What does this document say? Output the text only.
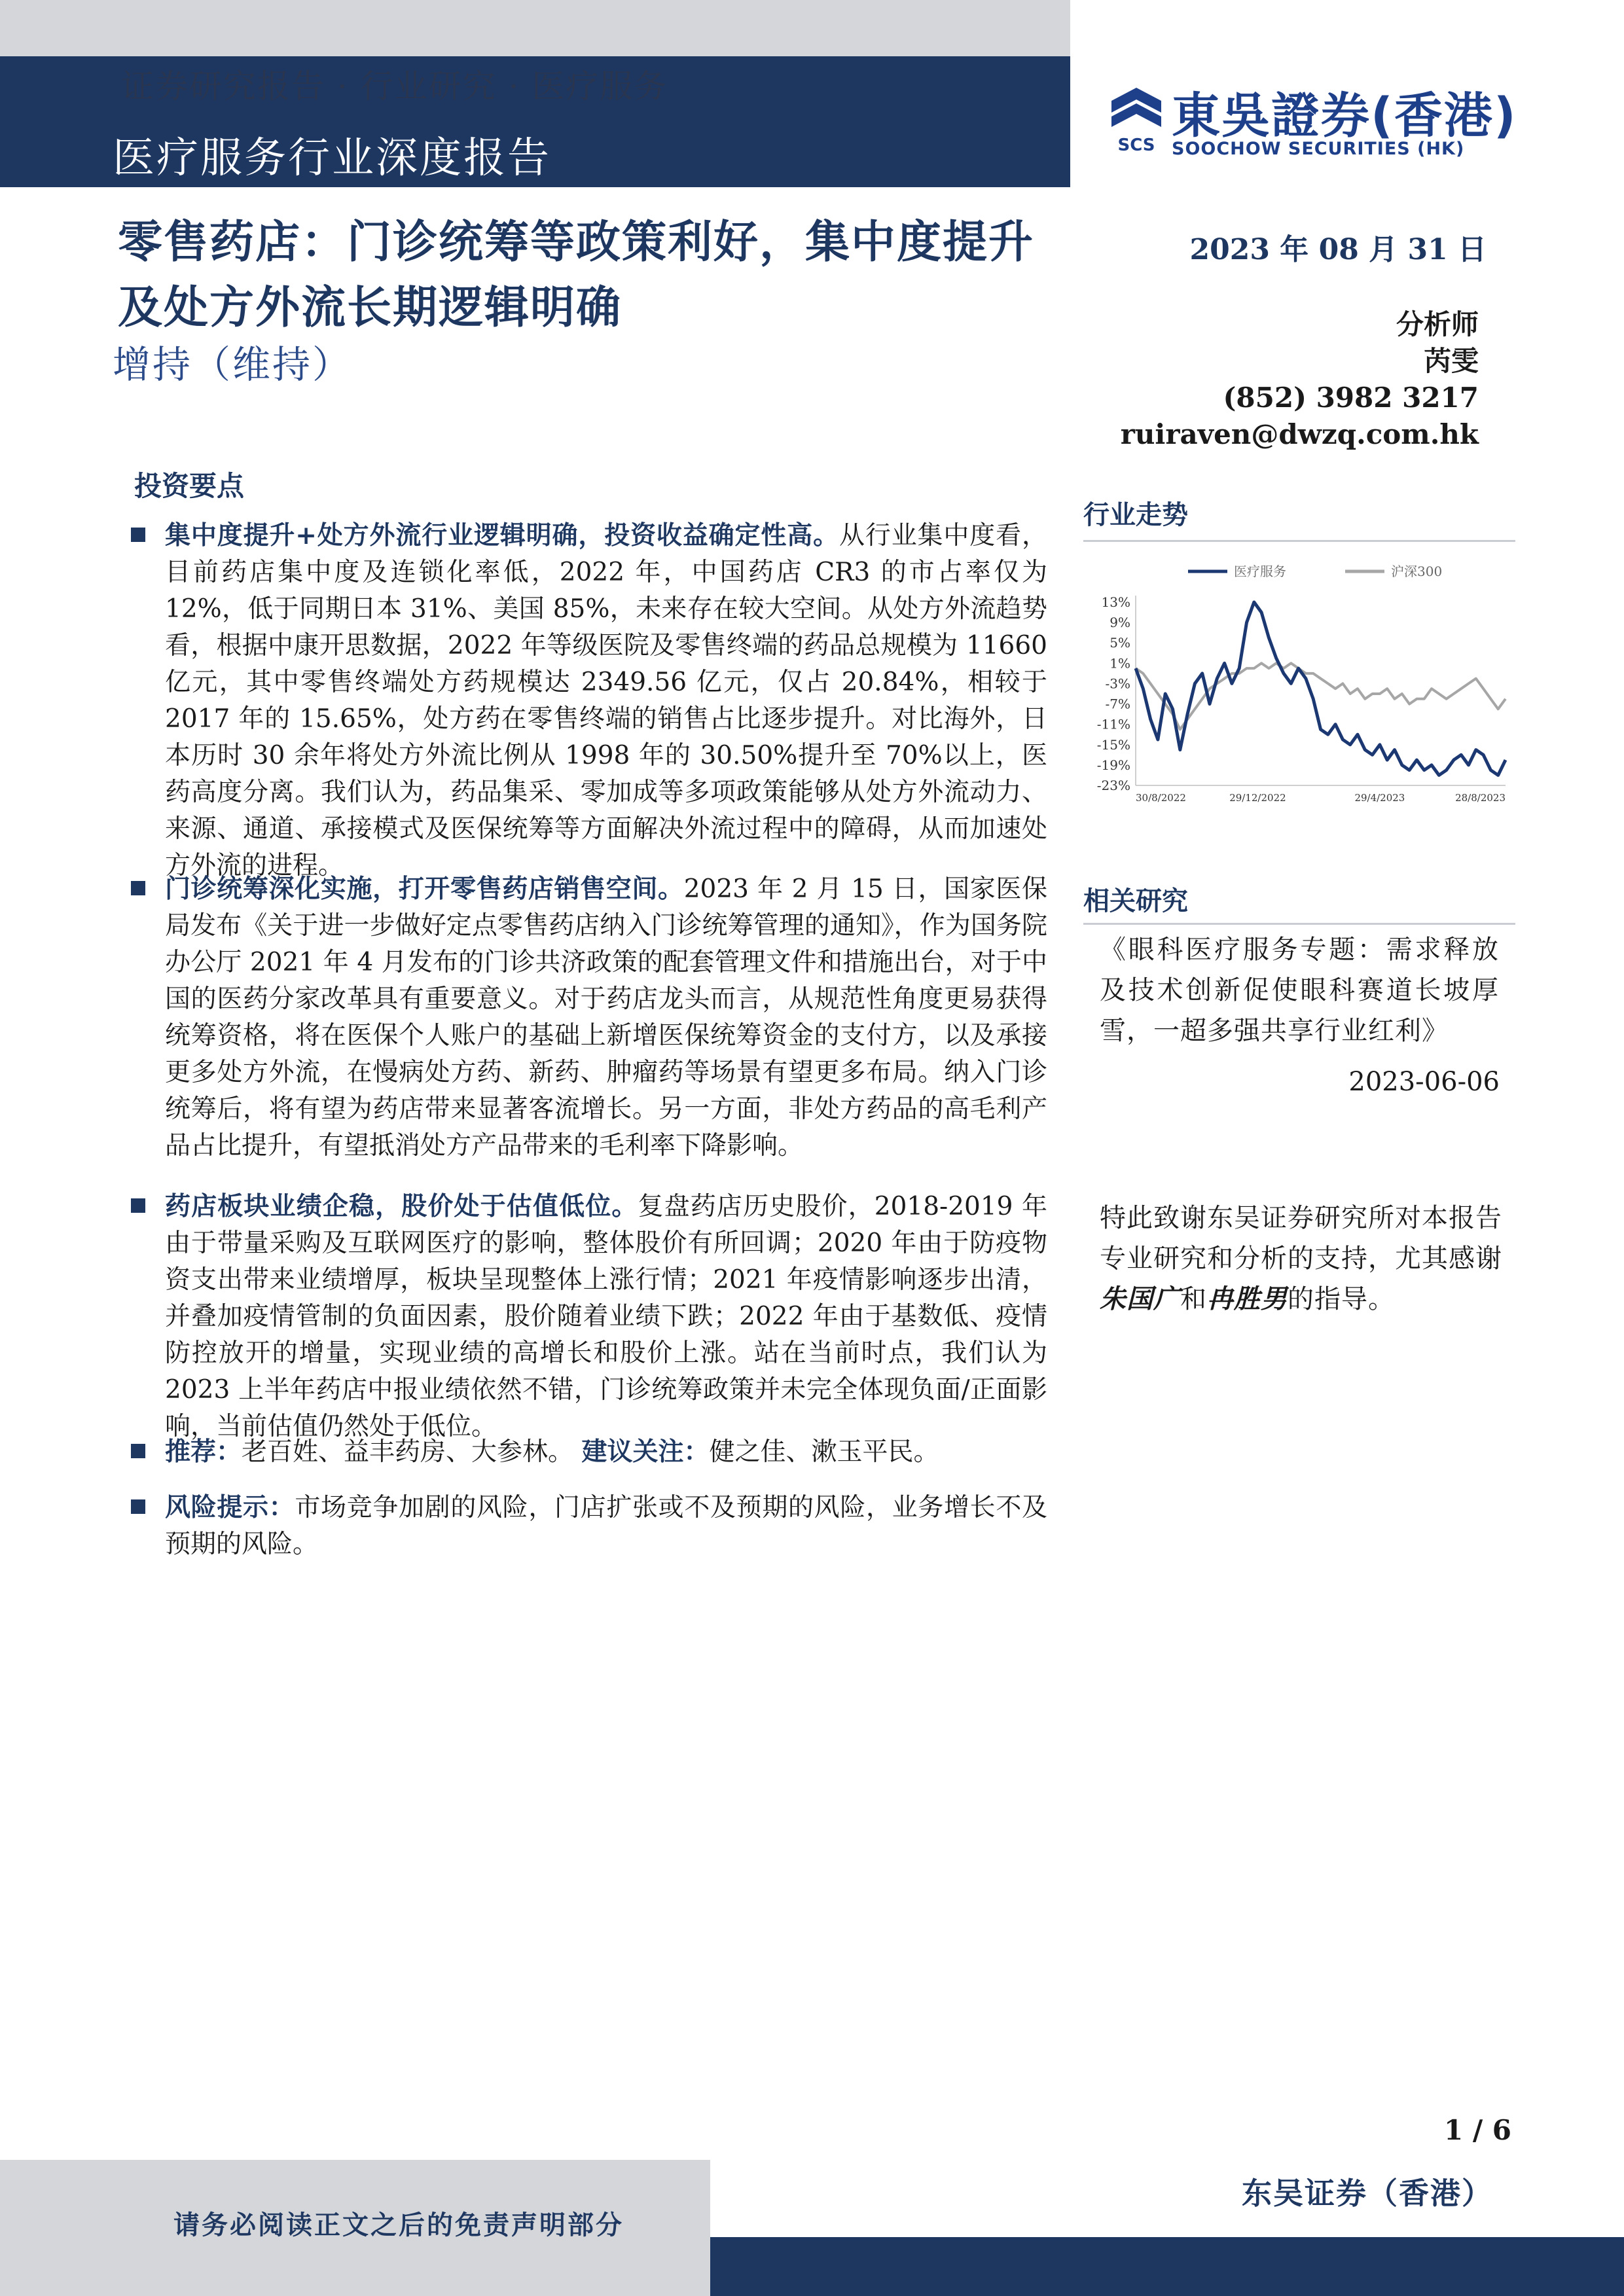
证券研究报告 · 行业研究 · 医疗服务
医疗服务行业深度报告	SCS
東吳證券(香港)
SOOCHOW SECURITIES (HK)
零售药店：门诊统筹等政策利好，集中度提升及处方外流长期逻辑明确
增持（维持）
2023 年 08 月 31 日
分析师
芮雯
(852) 3982 3217
ruiraven@dwzq.com.hk
投资要点
集中度提升+处方外流行业逻辑明确，投资收益确定性高。从行业集中度看，目前药店集中度及连锁化率低，2022 年，中国药店 CR3 的市占率仅为 12%，低于同期日本 31%、美国 85%，未来存在较大空间。从处方外流趋势看，根据中康开思数据，2022 年等级医院及零售终端的药品总规模为 11660 亿元，其中零售终端处方药规模达 2349.56 亿元，仅占 20.84%，相较于 2017 年的 15.65%，处方药在零售终端的销售占比逐步提升。对比海外，日本历时 30 余年将处方外流比例从 1998 年的 30.50%提升至 70%以上，医药高度分离。我们认为，药品集采、零加成等多项政策能够从处方外流动力、来源、通道、承接模式及医保统筹等方面解决外流过程中的障碍，从而加速处方外流的进程。
门诊统筹深化实施，打开零售药店销售空间。2023 年 2 月 15 日，国家医保局发布《关于进一步做好定点零售药店纳入门诊统筹管理的通知》，作为国务院办公厅 2021 年 4 月发布的门诊共济政策的配套管理文件和措施出台，对于中国的医药分家改革具有重要意义。对于药店龙头而言，从规范性角度更易获得统筹资格，将在医保个人账户的基础上新增医保统筹资金的支付方，以及承接更多处方外流，在慢病处方药、新药、肿瘤药等场景有望更多布局。纳入门诊统筹后，将有望为药店带来显著客流增长。另一方面，非处方药品的高毛利产品占比提升，有望抵消处方产品带来的毛利率下降影响。
药店板块业绩企稳，股价处于估值低位。复盘药店历史股价，2018-2019 年由于带量采购及互联网医疗的影响，整体股价有所回调；2020 年由于防疫物资支出带来业绩增厚，板块呈现整体上涨行情；2021 年疫情影响逐步出清，并叠加疫情管制的负面因素，股价随着业绩下跌；2022 年由于基数低、疫情防控放开的增量，实现业绩的高增长和股价上涨。站在当前时点，我们认为 2023 上半年药店中报业绩依然不错，门诊统筹政策并未完全体现负面/正面影响，当前估值仍然处于低位。
推荐：老百姓、益丰药房、大参林。 建议关注：健之佳、漱玉平民。
风险提示：市场竞争加剧的风险，门店扩张或不及预期的风险，业务增长不及预期的风险。
行业走势
医疗服务	沪深300
13%
9%
5%
1%
-3%
-7%
-11%
-15%
-19%
-23%
30/8/2022	29/12/2022	29/4/2023	28/8/2023
相关研究
《眼科医疗服务专题：需求释放及技术创新促使眼科赛道长坡厚雪，一超多强共享行业红利》
2023-06-06
特此致谢东吴证券研究所对本报告专业研究和分析的支持，尤其感谢朱国广和冉胜男的指导。
1 / 6
东吴证券（香港）
请务必阅读正文之后的免责声明部分
